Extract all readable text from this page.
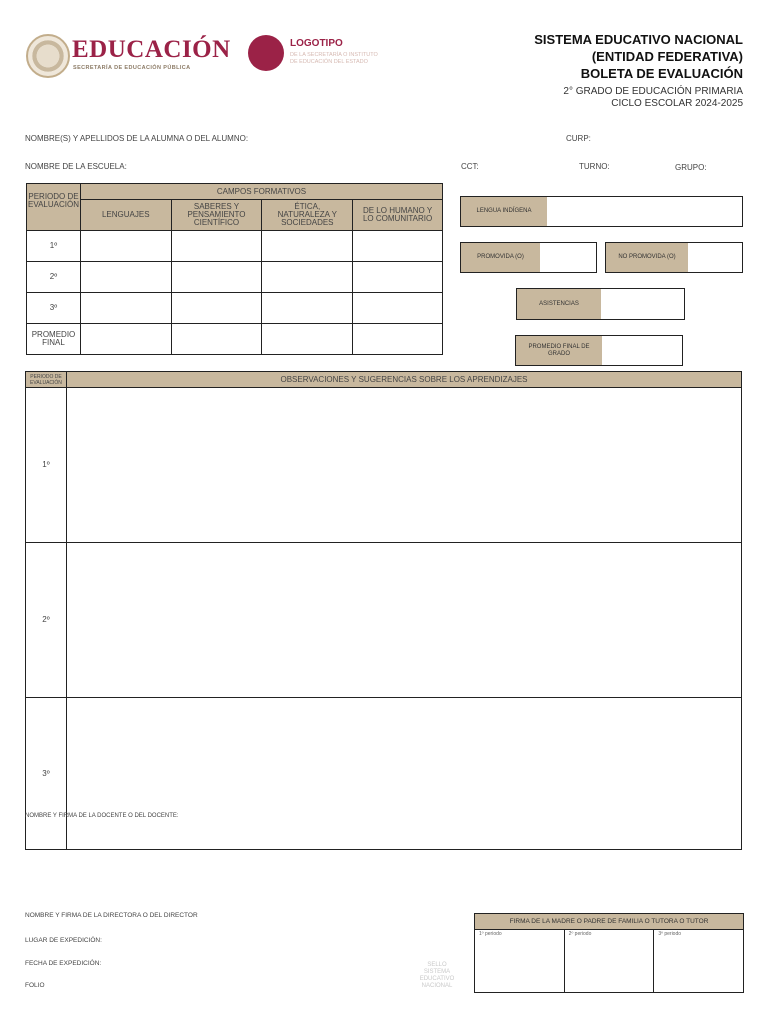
EDUCACIÓN
SECRETARÍA DE EDUCACIÓN PÚBLICA
LOGOTIPO
DE LA SECRETARÍA O INSTITUTO
DE EDUCACIÓN DEL ESTADO
SISTEMA EDUCATIVO NACIONAL
(ENTIDAD FEDERATIVA)
BOLETA DE EVALUACIÓN
2° GRADO DE EDUCACIÓN PRIMARIA
CICLO ESCOLAR 2024-2025
NOMBRE(S) Y APELLIDOS DE LA ALUMNA O DEL ALUMNO:	CURP:
NOMBRE DE LA ESCUELA:	CCT:	TURNO:	GRUPO:
PERIODO DE EVALUACIÓN	CAMPOS FORMATIVOS			
	LENGUAJES	SABERES Y PENSAMIENTO CIENTÍFICO	ÉTICA, NATURALEZA Y SOCIEDADES	DE LO HUMANO Y LO COMUNITARIO
1º				
2º				
3º				
PROMEDIO FINAL				
LENGUA INDÍGENA
PROMOVIDA (O)	NO PROMOVIDA (O)
ASISTENCIAS
PROMEDIO FINAL DE GRADO
PERIODO DE EVALUACIÓN	OBSERVACIONES Y SUGERENCIAS SOBRE LOS APRENDIZAJES
1º	
2º	
3º	
NOMBRE Y FIRMA DE LA DOCENTE O DEL DOCENTE:
NOMBRE Y FIRMA DE LA DIRECTORA O DEL DIRECTOR
LUGAR DE EXPEDICIÓN:
FECHA DE EXPEDICIÓN:
FOLIO
SELLO SISTEMA EDUCATIVO NACIONAL
FIRMA DE LA MADRE O PADRE DE FAMILIA O TUTORA O TUTOR
1º periodo	2º periodo	3º periodo
